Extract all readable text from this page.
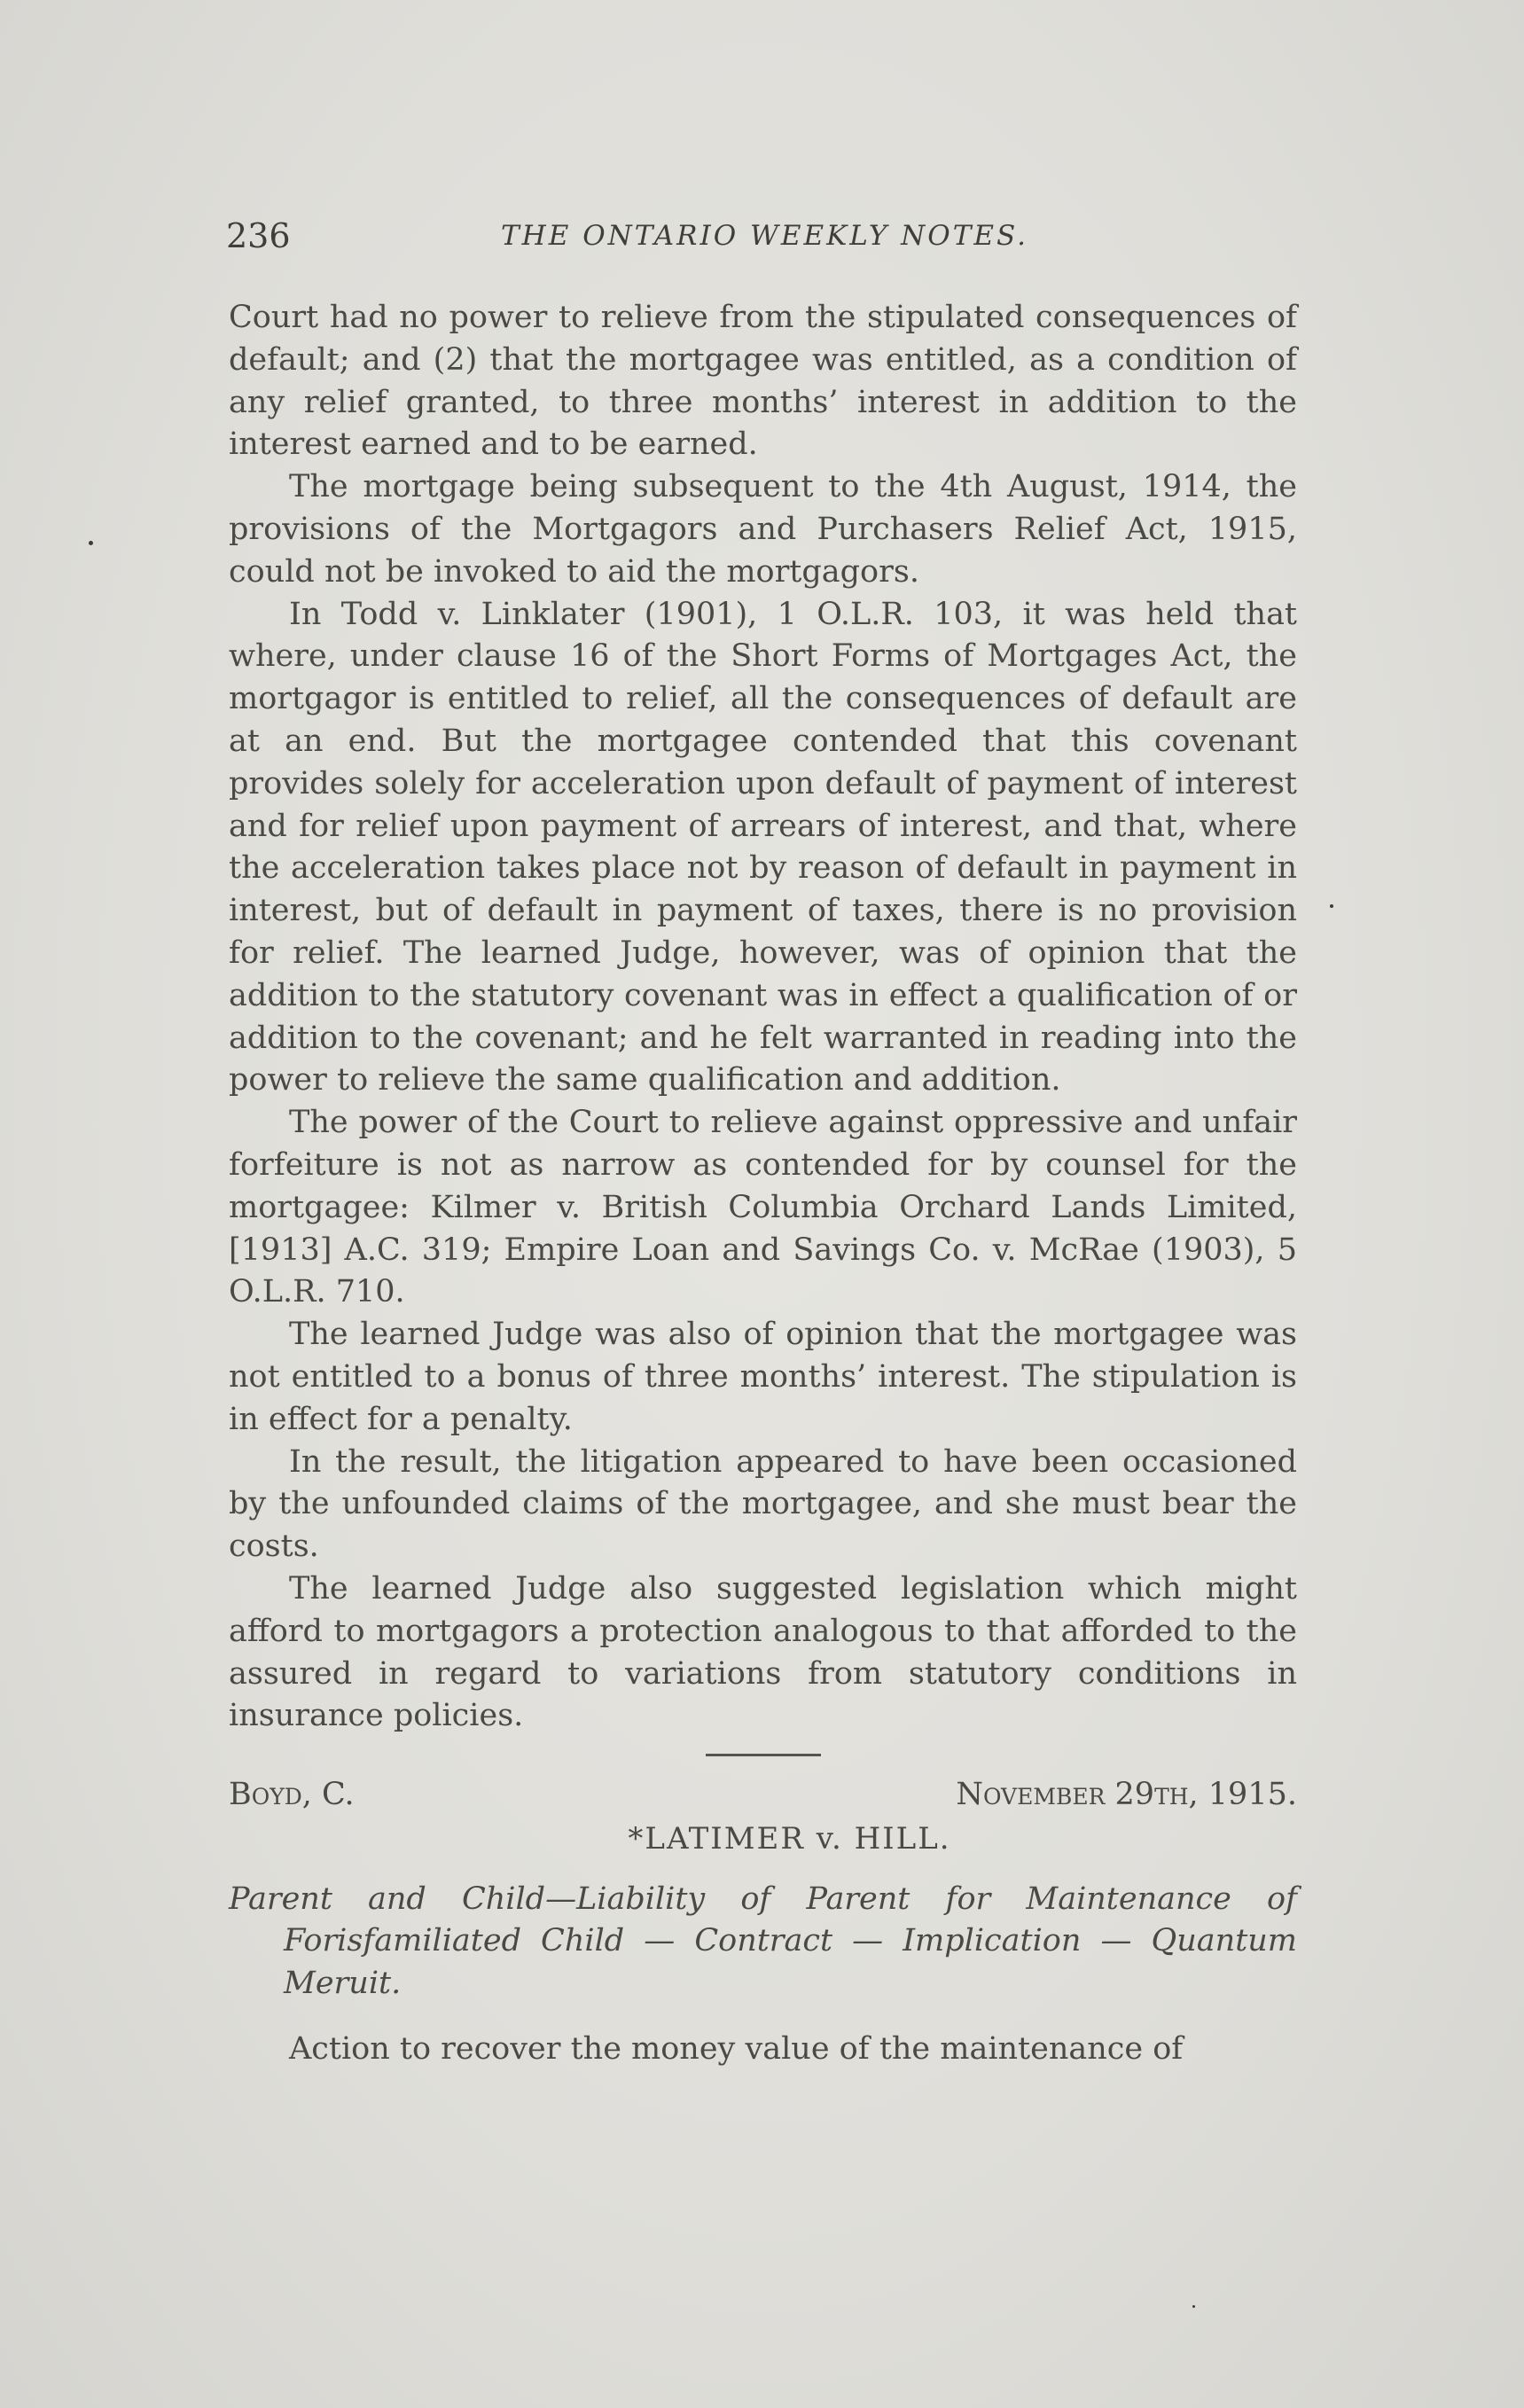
236	THE ONTARIO WEEKLY NOTES.

Court had no power to relieve from the stipulated consequences of default; and (2) that the mortgagee was entitled, as a condition of any relief granted, to three months’ interest in addition to the interest earned and to be earned.

The mortgage being subsequent to the 4th August, 1914, the provisions of the Mortgagors and Purchasers Relief Act, 1915, could not be invoked to aid the mortgagors.

In Todd v. Linklater (1901), 1 O.L.R. 103, it was held that where, under clause 16 of the Short Forms of Mortgages Act, the mortgagor is entitled to relief, all the consequences of default are at an end. But the mortgagee contended that this covenant provides solely for acceleration upon default of payment of interest and for relief upon payment of arrears of interest, and that, where the acceleration takes place not by reason of default in payment in interest, but of default in payment of taxes, there is no provision for relief. The learned Judge, however, was of opinion that the addition to the statutory covenant was in effect a qualification of or addition to the covenant; and he felt warranted in reading into the power to relieve the same qualification and addition.

The power of the Court to relieve against oppressive and unfair forfeiture is not as narrow as contended for by counsel for the mortgagee: Kilmer v. British Columbia Orchard Lands Limited, [1913] A.C. 319; Empire Loan and Savings Co. v. McRae (1903), 5 O.L.R. 710.

The learned Judge was also of opinion that the mortgagee was not entitled to a bonus of three months’ interest. The stipulation is in effect for a penalty.

In the result, the litigation appeared to have been occasioned by the unfounded claims of the mortgagee, and she must bear the costs.

The learned Judge also suggested legislation which might afford to mortgagors a protection analogous to that afforded to the assured in regard to variations from statutory conditions in insurance policies.

Boyd, C.	November 29th, 1915.
*LATIMER v. HILL.

Parent and Child—Liability of Parent for Maintenance of Forisfamiliated Child — Contract — Implication — Quantum Meruit.

Action to recover the money value of the maintenance of
